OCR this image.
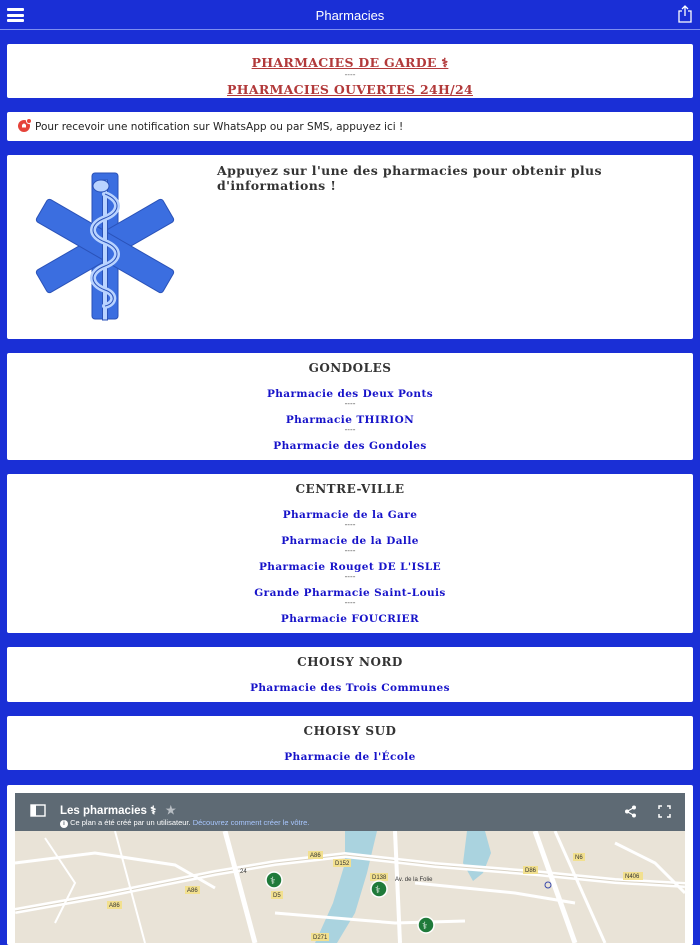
Pharmacies
PHARMACIES DE GARDE ⚕
----
PHARMACIES OUVERTES 24H/24
Pour recevoir une notification sur WhatsApp ou par SMS, appuyez ici !
Appuyez sur l'une des pharmacies pour obtenir plus d'informations !
GONDOLES
Pharmacie des Deux Ponts
----
Pharmacie THIRION
----
Pharmacie des Gondoles
CENTRE-VILLE
Pharmacie de la Gare
----
Pharmacie de la Dalle
----
Pharmacie Rouget DE L'ISLE
----
Grande Pharmacie Saint-Louis
----
Pharmacie FOUCRIER
CHOISY NORD
Pharmacie des Trois Communes
CHOISY SUD
Pharmacie de l'École
A86
D152
A86
24
D5
A86
D138 Av. de la Folie
D86
N6
N406
D271
⚕
⚕
⚕
Les pharmacies ⚕ ★
i Ce plan a été créé par un utilisateur. Découvrez comment créer le vôtre.
